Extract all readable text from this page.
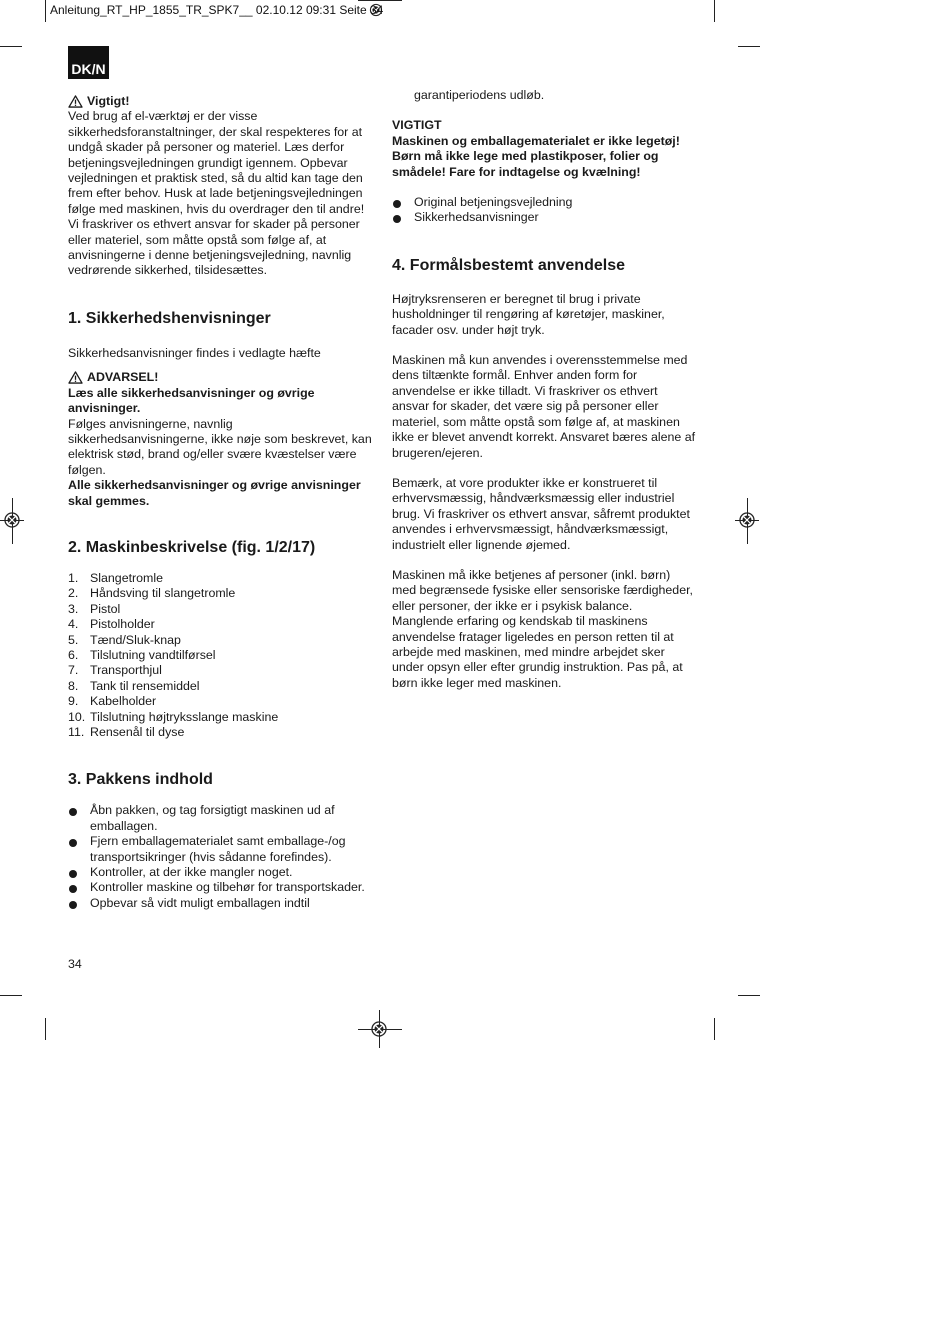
Anleitung_RT_HP_1855_TR_SPK7__ 02.10.12 09:31 Seite 34
DK/N
Vigtigt!

Ved brug af el-værktøj er der visse sikkerhedsforanstaltninger, der skal respekteres for at undgå skader på personer og materiel. Læs derfor betjeningsvejledningen grundigt igennem. Opbevar vejledningen et praktisk sted, så du altid kan tage den frem efter behov. Husk at lade betjeningsvejledningen følge med maskinen, hvis du overdrager den til andre!

Vi fraskriver os ethvert ansvar for skader på personer eller materiel, som måtte opstå som følge af, at anvisningerne i denne betjeningsvejledning, navnlig vedrørende sikkerhed, tilsidesættes.

1. Sikkerhedshenvisninger

Sikkerhedsanvisninger findes i vedlagte hæfte

ADVARSEL!

Læs alle sikkerhedsanvisninger og øvrige anvisninger.

Følges anvisningerne, navnlig sikkerhedsanvisningerne, ikke nøje som beskrevet, kan elektrisk stød, brand og/eller svære kvæstelser være følgen.

Alle sikkerhedsanvisninger og øvrige anvisninger skal gemmes.

2. Maskinbeskrivelse (fig. 1/2/17)
1. Slangetromle
2. Håndsving til slangetromle
3. Pistol
4. Pistolholder
5. Tænd/Sluk-knap
6. Tilslutning vandtilførsel
7. Transporthjul
8. Tank til rensemiddel
9. Kabelholder
10. Tilslutning højtryksslange maskine
11. Rensenål til dyse
3. Pakkens indhold
Åbn pakken, og tag forsigtigt maskinen ud af emballagen.
Fjern emballagematerialet samt emballage-/og transportsikringer (hvis sådanne forefindes).
Kontroller, at der ikke mangler noget.
Kontroller maskine og tilbehør for transportskader.
Opbevar så vidt muligt emballagen indtil
34

garantiperiodens udløb.

VIGTIGT

Maskinen og emballagematerialet er ikke legetøj! Børn må ikke lege med plastikposer, folier og smådele! Fare for indtagelse og kvælning!

Original betjeningsvejledning
Sikkerhedsanvisninger
4. Formålsbestemt anvendelse

Højtryksrenseren er beregnet til brug i private husholdninger til rengøring af køretøjer, maskiner, facader osv. under højt tryk.

Maskinen må kun anvendes i overensstemmelse med dens tiltænkte formål. Enhver anden form for anvendelse er ikke tilladt. Vi fraskriver os ethvert ansvar for skader, det være sig på personer eller materiel, som måtte opstå som følge af, at maskinen ikke er blevet anvendt korrekt. Ansvaret bæres alene af brugeren/ejeren.

Bemærk, at vore produkter ikke er konstrueret til erhvervsmæssig, håndværksmæssig eller industriel brug. Vi fraskriver os ethvert ansvar, såfremt produktet anvendes i erhvervsmæssigt, håndværksmæssigt, industrielt eller lignende øjemed.

Maskinen må ikke betjenes af personer (inkl. børn) med begrænsede fysiske eller sensoriske færdigheder, eller personer, der ikke er i psykisk balance. Manglende erfaring og kendskab til maskinens anvendelse fratager ligeledes en person retten til at arbejde med maskinen, med mindre arbejdet sker under opsyn eller efter grundig instruktion. Pas på, at børn ikke leger med maskinen.
